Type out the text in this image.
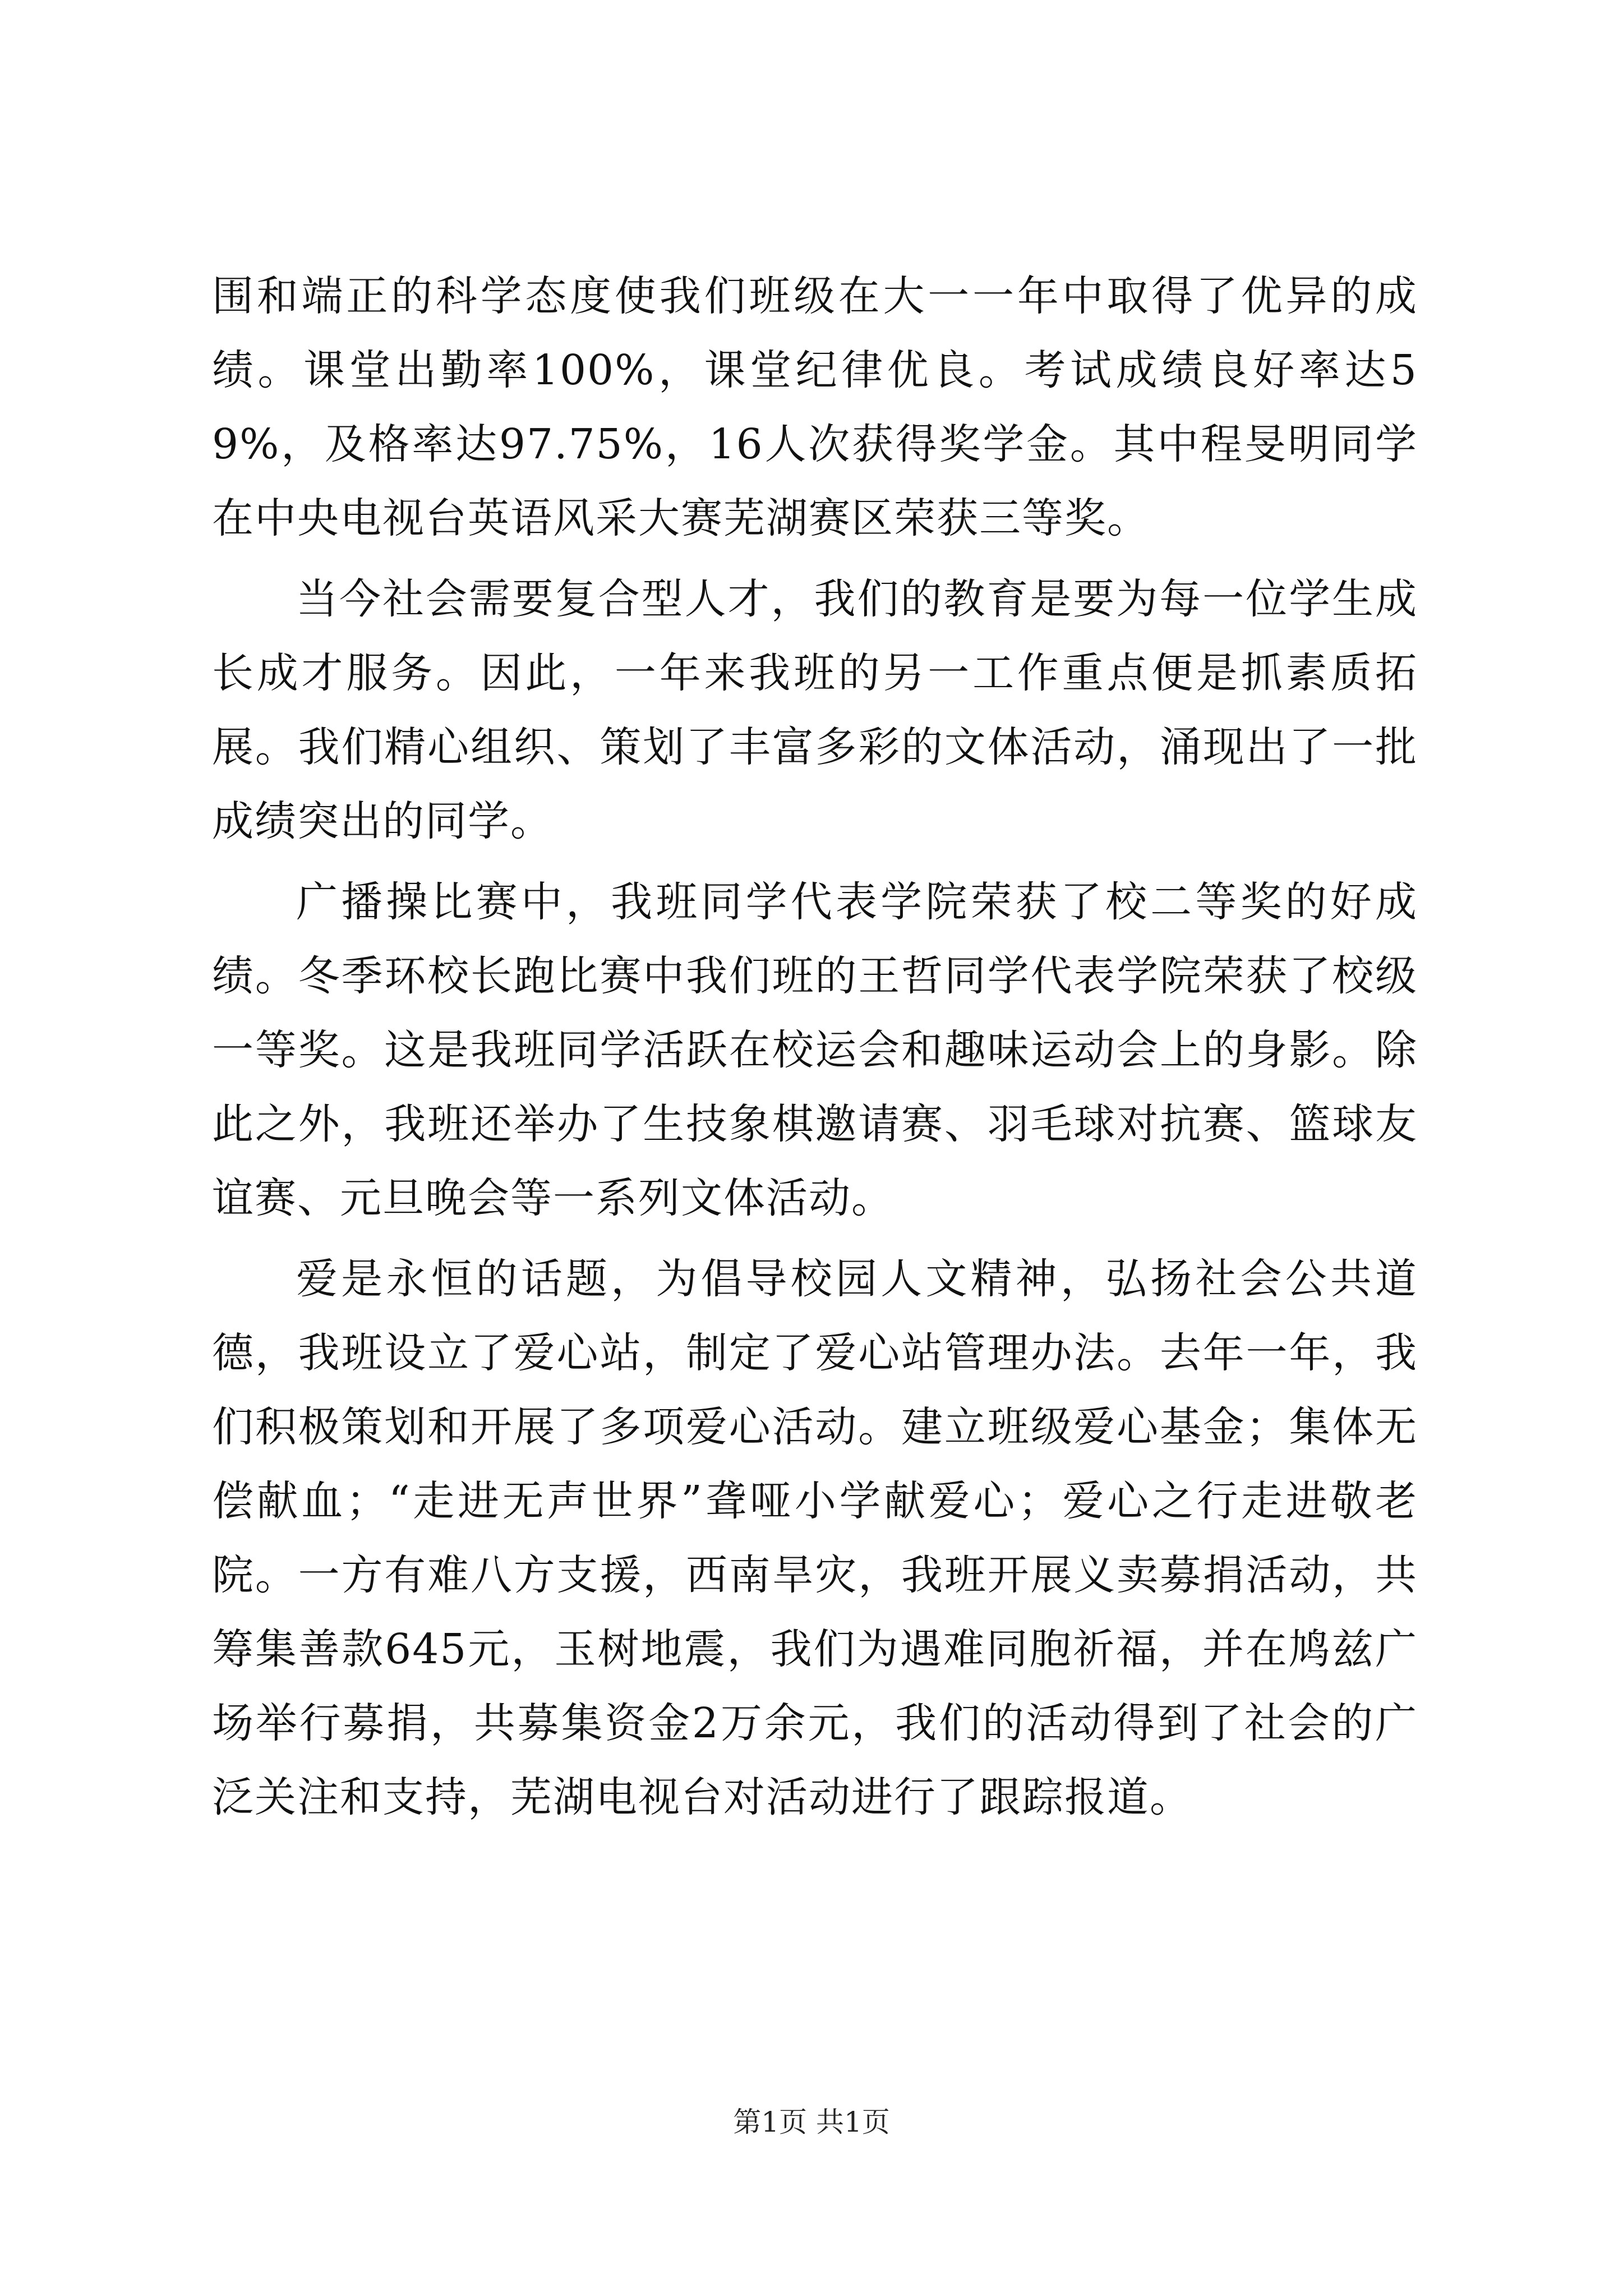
围和端正的科学态度使我们班级在大一一年中取得了优异的成绩。课堂出勤率100%，课堂纪律优良。考试成绩良好率达59%，及格率达97.75%，16人次获得奖学金。其中程旻明同学在中央电视台英语风采大赛芜湖赛区荣获三等奖。

当今社会需要复合型人才，我们的教育是要为每一位学生成长成才服务。因此，一年来我班的另一工作重点便是抓素质拓展。我们精心组织、策划了丰富多彩的文体活动，涌现出了一批成绩突出的同学。

广播操比赛中，我班同学代表学院荣获了校二等奖的好成绩。冬季环校长跑比赛中我们班的王哲同学代表学院荣获了校级一等奖。这是我班同学活跃在校运会和趣味运动会上的身影。除此之外，我班还举办了生技象棋邀请赛、羽毛球对抗赛、篮球友谊赛、元旦晚会等一系列文体活动。

爱是永恒的话题，为倡导校园人文精神，弘扬社会公共道德，我班设立了爱心站，制定了爱心站管理办法。去年一年，我们积极策划和开展了多项爱心活动。建立班级爱心基金；集体无偿献血；“走进无声世界”聋哑小学献爱心；爱心之行走进敬老院。一方有难八方支援，西南旱灾，我班开展义卖募捐活动，共筹集善款645元，玉树地震，我们为遇难同胞祈福，并在鸠兹广场举行募捐，共募集资金2万余元，我们的活动得到了社会的广泛关注和支持，芜湖电视台对活动进行了跟踪报道。

第1页 共1页
